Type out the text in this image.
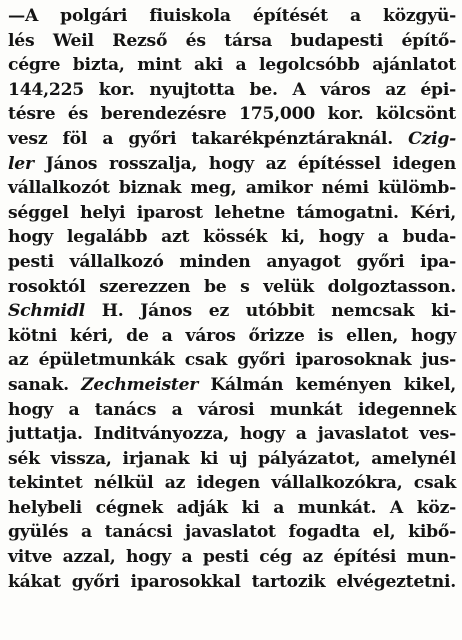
—A polgári fiuiskola építését a közgyü-
lés Weil Rezső és társa budapesti építő-
cégre bizta, mint aki a legolcsóbb ajánlatot
144,225 kor. nyujtotta be. A város az épi-
tésre és berendezésre 175,000 kor. kölcsönt
vesz föl a győri takarékpénztáraknál. Czig-
ler János rosszalja, hogy az építéssel idegen
vállalkozót biznak meg, amikor némi külömb-
séggel helyi iparost lehetne támogatni. Kéri,
hogy legalább azt kössék ki, hogy a buda-
pesti vállalkozó minden anyagot győri ipa-
rosoktól szerezzen be s velük dolgoztasson.
Schmidl H. János ez utóbbit nemcsak ki-
kötni kéri, de a város őrizze is ellen, hogy
az épületmunkák csak győri iparosoknak jus-
sanak. Zechmeister Kálmán keményen kikel,
hogy a tanács a városi munkát idegennek
juttatja. Inditványozza, hogy a javaslatot ves-
sék vissza, irjanak ki uj pályázatot, amelynél
tekintet nélkül az idegen vállalkozókra, csak
helybeli cégnek adják ki a munkát. A köz-
gyülés a tanácsi javaslatot fogadta el, kibő-
vitve azzal, hogy a pesti cég az építési mun-
kákat győri iparosokkal tartozik elvégeztetni.
